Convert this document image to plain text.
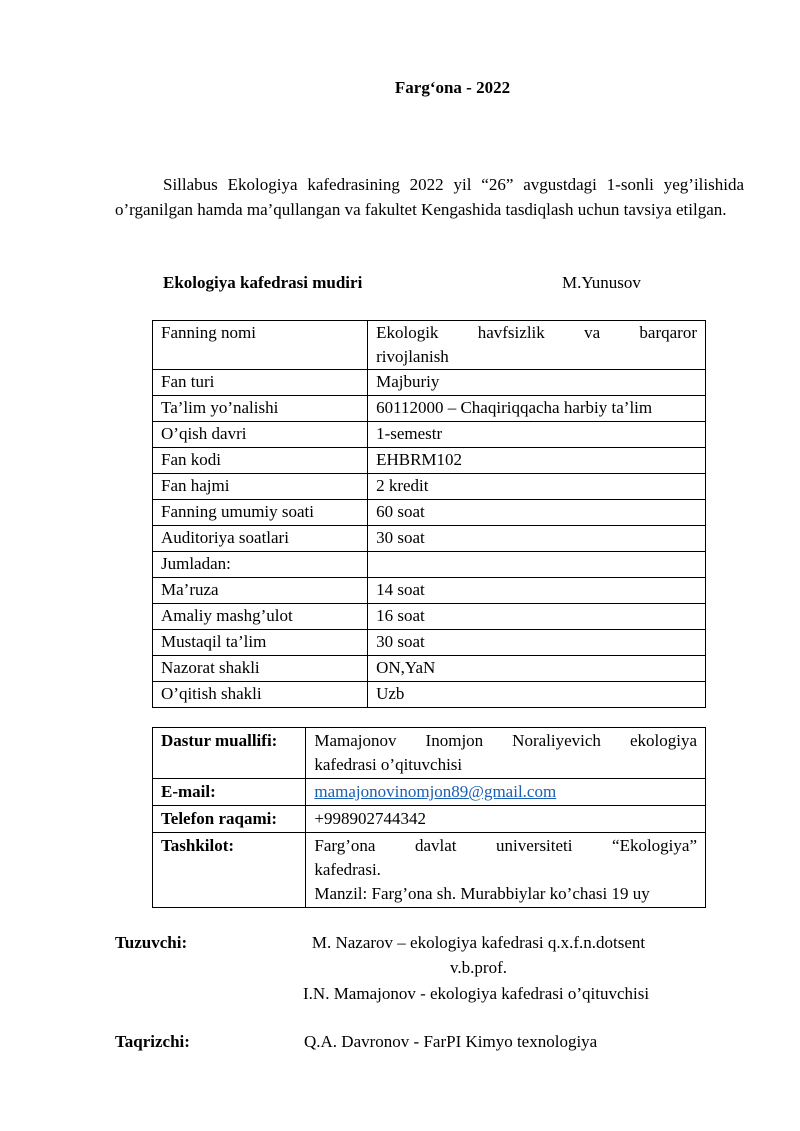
Farg‘ona - 2022
Sillabus Ekologiya kafedrasining 2022 yil “26” avgustdagi 1-sonli yeg’ilishida o’rganilgan hamda ma’qullangan va fakultet Kengashida tasdiqlash uchun tavsiya etilgan.
Ekologiya kafedrasi mudiri	M.Yunusov
Fanning nomi	Ekologik havfsizlik va barqaror
rivojlanish

Fan turi	Majburiy
Ta’lim yo’nalishi	60112000 – Chaqiriqqacha harbiy ta’lim
O’qish davri	1-semestr
Fan kodi	EHBRM102
Fan hajmi	2 kredit
Fanning umumiy soati	60 soat
Auditoriya soatlari	30 soat
Jumladan:	
Ma’ruza	14 soat
Amaliy mashg’ulot	16 soat
Mustaqil ta’lim	30 soat
Nazorat shakli	ON,YaN
O’qitish shakli	Uzb
Dastur muallifi:	Mamajonov Inomjon Noraliyevich ekologiya
kafedrasi o’qituvchisi

E-mail:	mamajonovinomjon89@gmail.com
Telefon raqami:	+998902744342
Tashkilot:	Farg’ona davlat universiteti “Ekologiya”
kafedrasi.
Manzil: Farg’ona sh. Murabbiylar ko’chasi 19 uy
Tuzuvchi:	M. Nazarov – ekologiya kafedrasi q.x.f.n.dotsent
v.b.prof.
I.N. Mamajonov - ekologiya kafedrasi o’qituvchisi
Taqrizchi:	Q.A. Davronov - FarPI Kimyo texnologiya
